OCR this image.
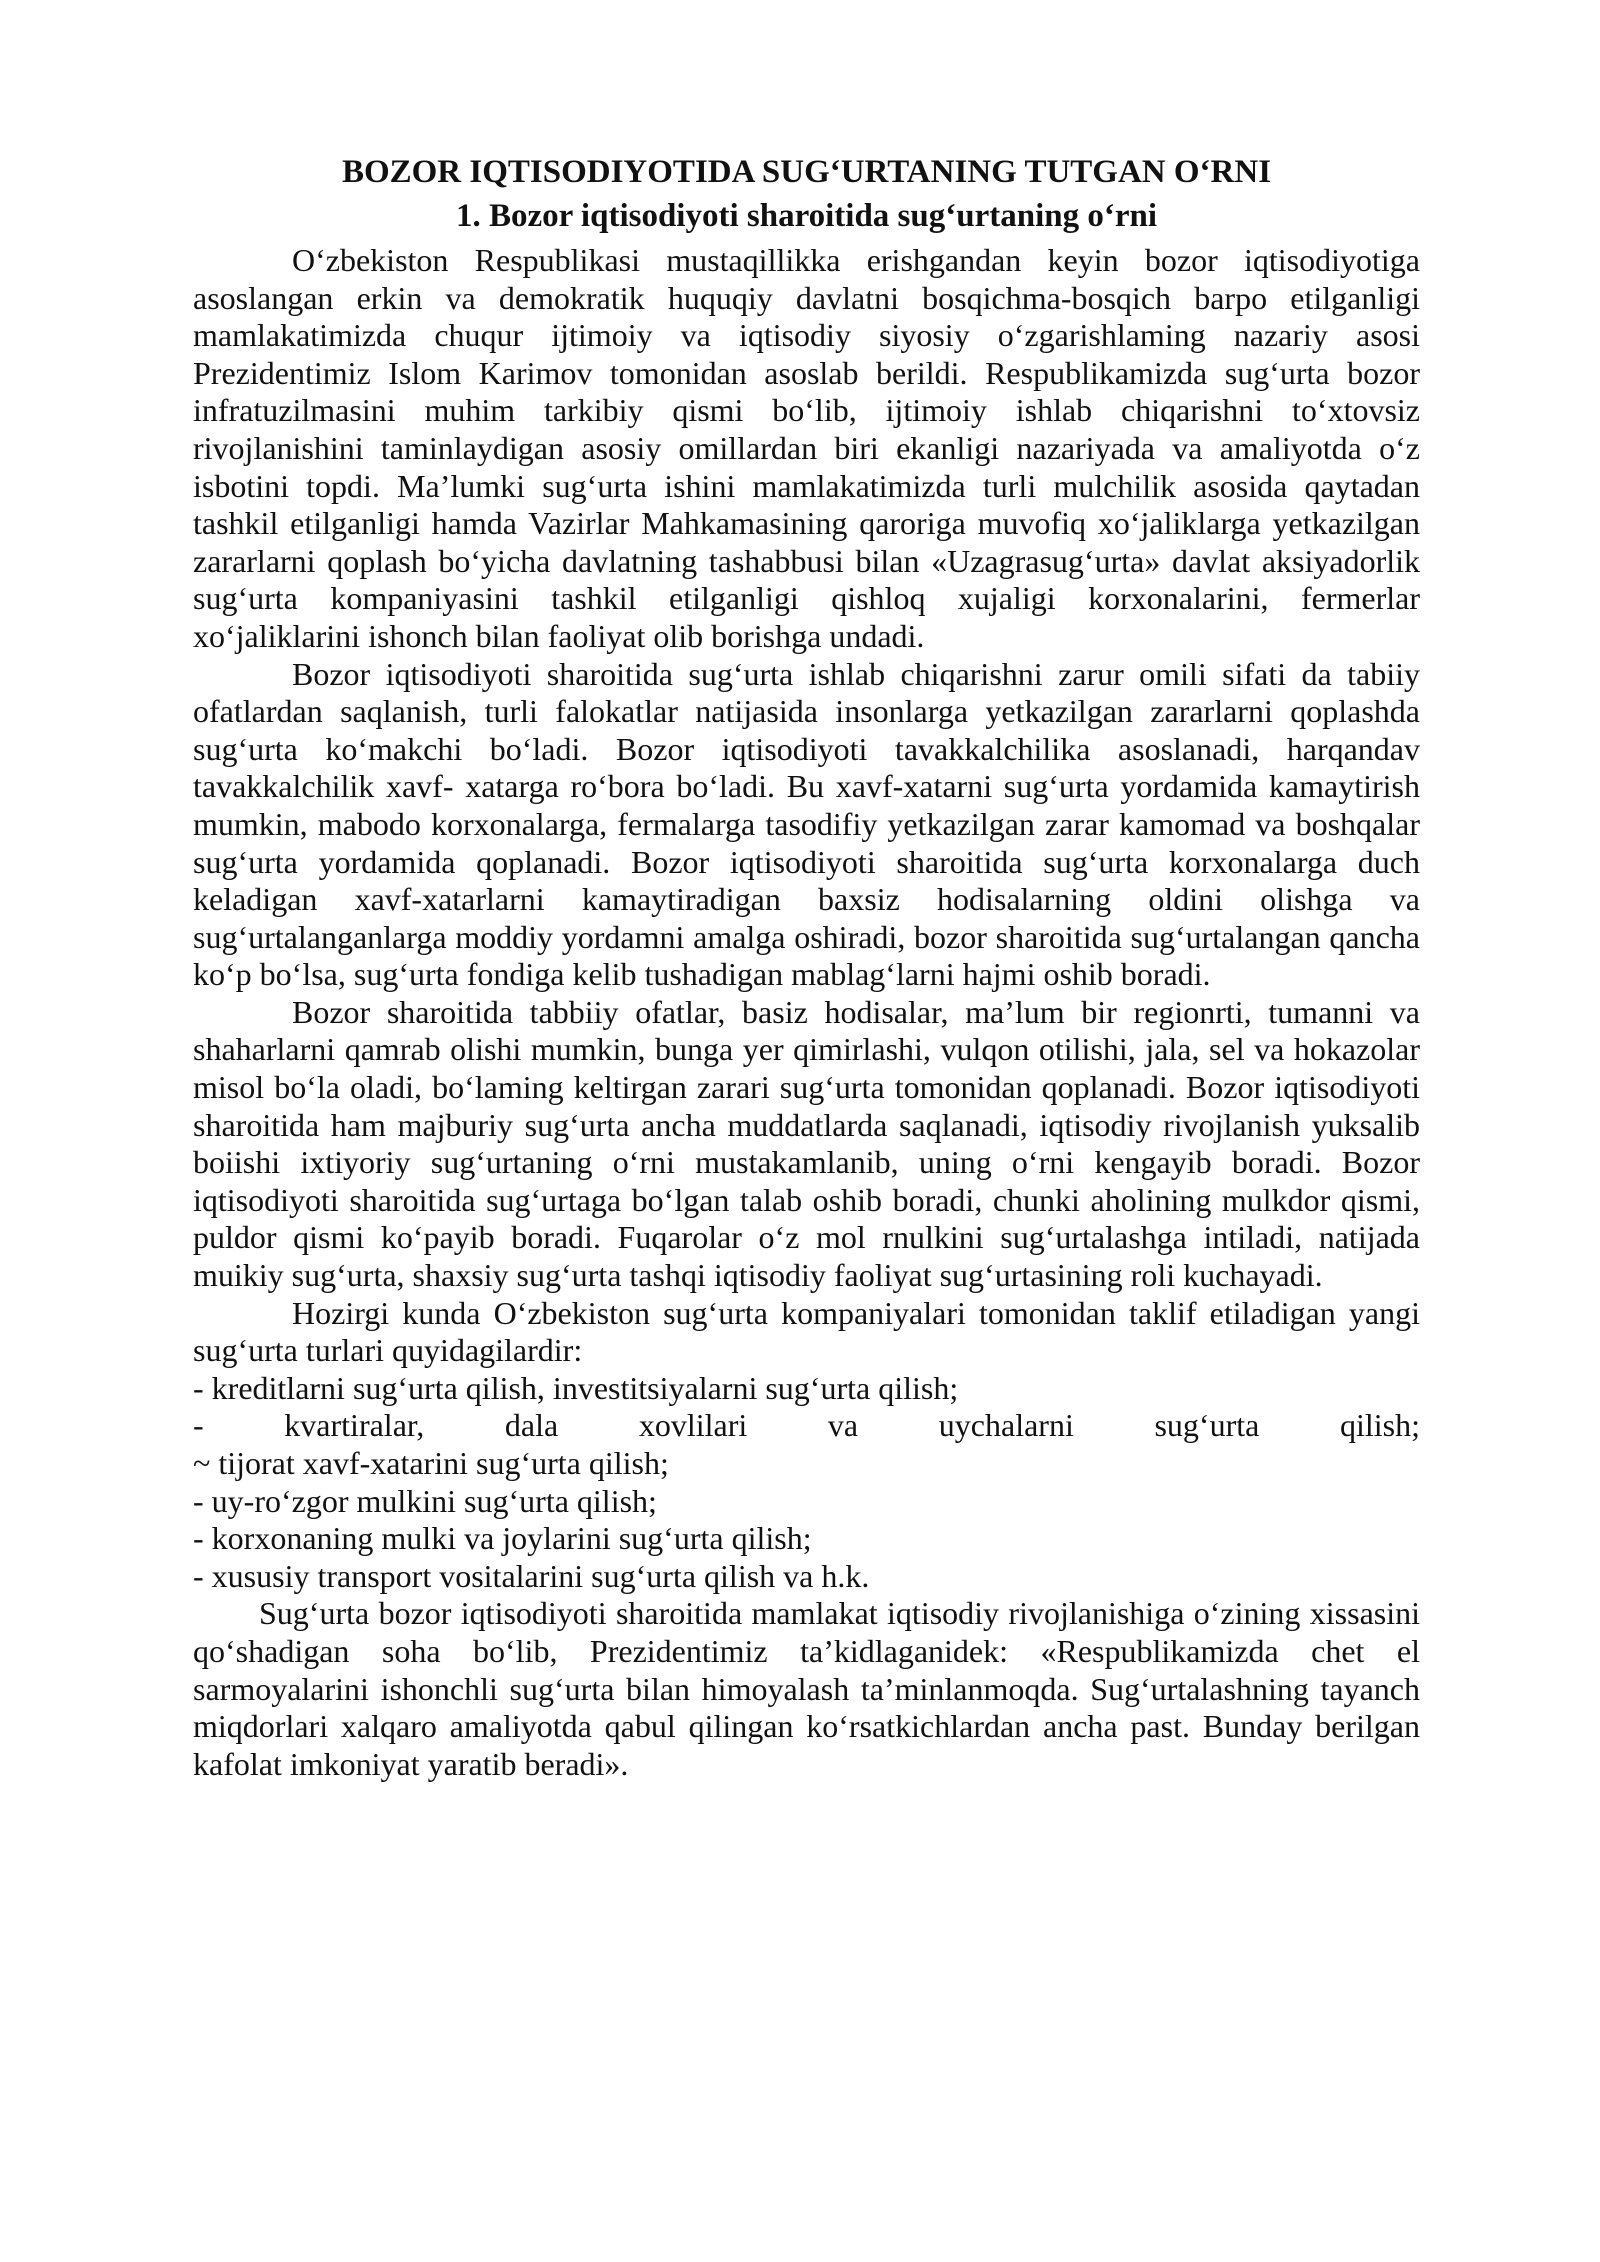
BOZOR IQTISODIYOTIDA SUG‘URTANING TUTGAN O‘RNI
1. Bozor iqtisodiyoti sharoitida sug‘urtaning o‘rni

O‘zbekiston Respublikasi mustaqillikka erishgandan keyin bozor iqtisodiyotiga asoslangan erkin va demokratik huquqiy davlatni bosqichma-bosqich barpo etilganligi mamlakatimizda chuqur ijtimoiy va iqtisodiy siyosiy o‘zgarishlaming nazariy asosi Prezidentimiz Islom Karimov tomonidan asoslab berildi. Respublikamizda sug‘urta bozor infratuzilmasini muhim tarkibiy qismi bo‘lib, ijtimoiy ishlab chiqarishni to‘xtovsiz rivojlanishini taminlaydigan asosiy omillardan biri ekanligi nazariyada va amaliyotda o‘z isbotini topdi. Ma’lumki sug‘urta ishini mamlakatimizda turli mulchilik asosida qaytadan tashkil etilganligi hamda Vazirlar Mahkamasining qaroriga muvofiq xo‘jaliklarga yetkazilgan zararlarni qoplash bo‘yicha davlatning tashabbusi bilan «Uzagrasug‘urta» davlat aksiyadorlik sug‘urta kompaniyasini tashkil etilganligi qishloq xujaligi korxonalarini, fermerlar xo‘jaliklarini ishonch bilan faoliyat olib borishga undadi.

Bozor iqtisodiyoti sharoitida sug‘urta ishlab chiqarishni zarur omili sifati da tabiiy ofatlardan saqlanish, turli falokatlar natijasida insonlarga yetkazilgan zararlarni qoplashda sug‘urta ko‘makchi bo‘ladi. Bozor iqtisodiyoti tavakkalchilika asoslanadi, harqandav tavakkalchilik xavf- xatarga ro‘bora bo‘ladi. Bu xavf-xatarni sug‘urta yordamida kamaytirish mumkin, mabodo korxonalarga, fermalarga tasodifiy yetkazilgan zarar kamomad va boshqalar sug‘urta yordamida qoplanadi. Bozor iqtisodiyoti sharoitida sug‘urta korxonalarga duch keladigan xavf-xatarlarni kamaytiradigan baxsiz hodisalarning oldini olishga va sug‘urtalanganlarga moddiy yordamni amalga oshiradi, bozor sharoitida sug‘urtalangan qancha ko‘p bo‘lsa, sug‘urta fondiga kelib tushadigan mablag‘larni hajmi oshib boradi.

Bozor sharoitida tabbiiy ofatlar, basiz hodisalar, ma’lum bir regionrti, tumanni va shaharlarni qamrab olishi mumkin, bunga yer qimirlashi, vulqon otilishi, jala, sel va hokazolar misol bo‘la oladi, bo‘laming keltirgan zarari sug‘urta tomonidan qoplanadi. Bozor iqtisodiyoti sharoitida ham majburiy sug‘urta ancha muddatlarda saqlanadi, iqtisodiy rivojlanish yuksalib boiishi ixtiyoriy sug‘urtaning o‘rni mustakamlanib, uning o‘rni kengayib boradi. Bozor iqtisodiyoti sharoitida sug‘urtaga bo‘lgan talab oshib boradi, chunki aholining mulkdor qismi, puldor qismi ko‘payib boradi. Fuqarolar o‘z mol rnulkini sug‘urtalashga intiladi, natijada muikiy sug‘urta, shaxsiy sug‘urta tashqi iqtisodiy faoliyat sug‘urtasining roli kuchayadi.

Hozirgi kunda O‘zbekiston sug‘urta kompaniyalari tomonidan taklif etiladigan yangi sug‘urta turlari quyidagilardir:

- kreditlarni sug‘urta qilish, investitsiyalarni sug‘urta qilish;
- kvartiralar, dala xovlilari va uychalarni sug‘urta qilish;
~ tijorat xavf-xatarini sug‘urta qilish;
- uy-ro‘zgor mulkini sug‘urta qilish;
- korxonaning mulki va joylarini sug‘urta qilish;
- xususiy transport vositalarini sug‘urta qilish va h.k.

Sug‘urta bozor iqtisodiyoti sharoitida mamlakat iqtisodiy rivojlanishiga o‘zining xissasini qo‘shadigan soha bo‘lib, Prezidentimiz ta’kidlaganidek: «Respublikamizda chet el sarmoyalarini ishonchli sug‘urta bilan himoyalash ta’minlanmoqda. Sug‘urtalashning tayanch miqdorlari xalqaro amaliyotda qabul qilingan ko‘rsatkichlardan ancha past. Bunday berilgan kafolat imkoniyat yaratib beradi».
